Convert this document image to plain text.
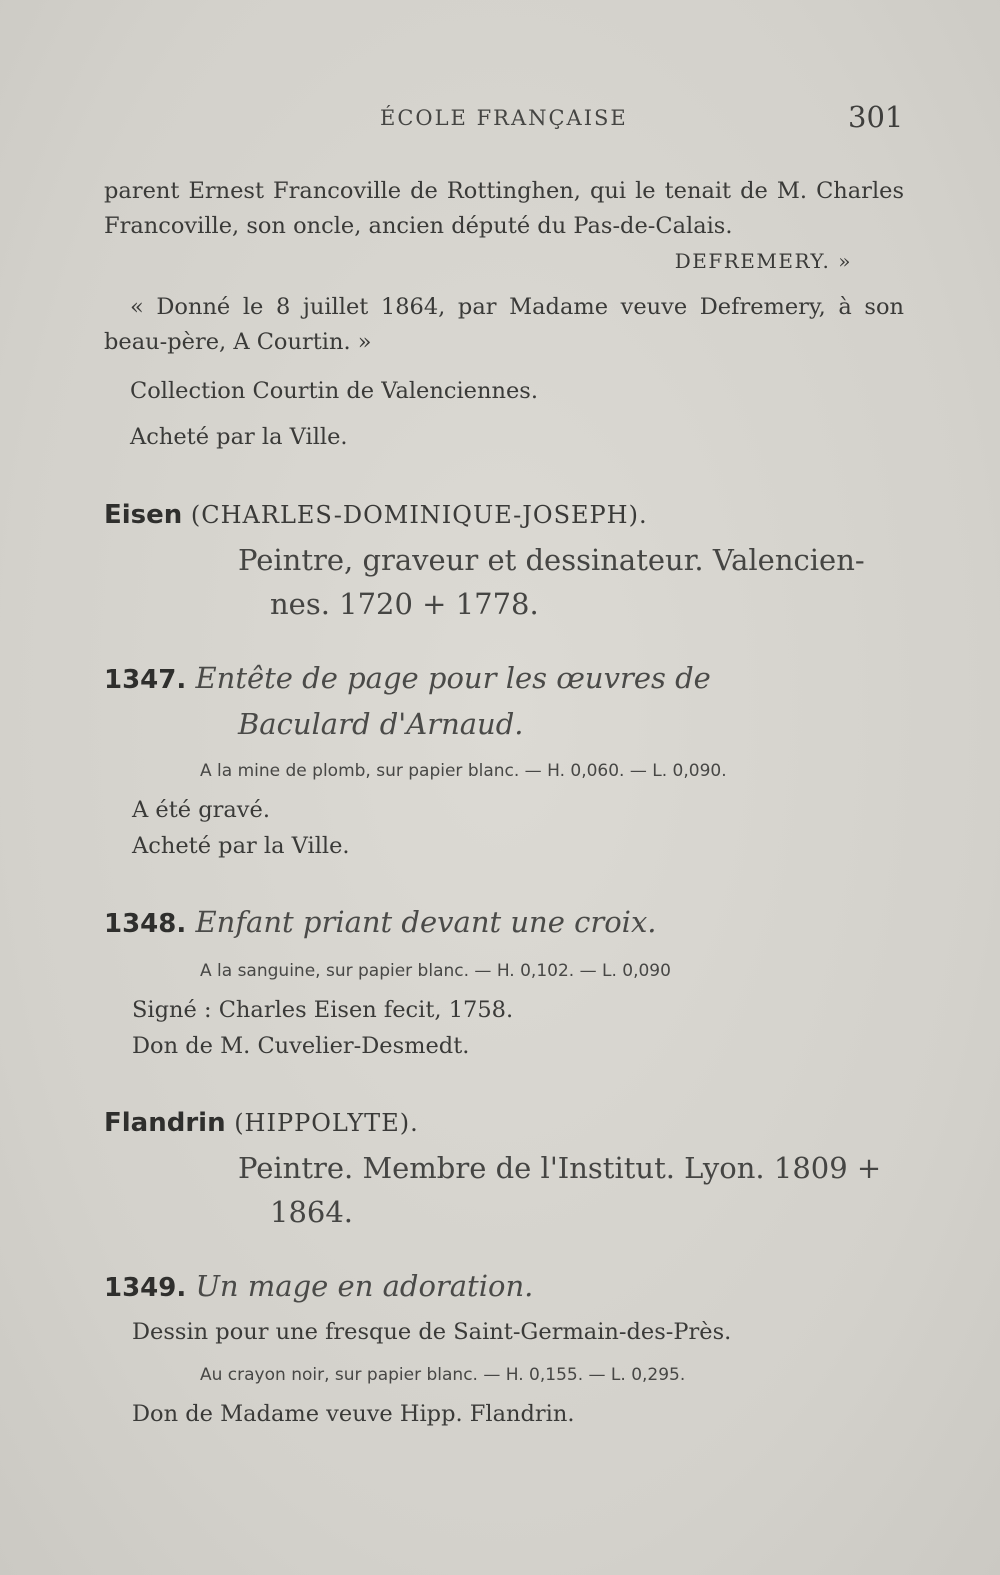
ÉCOLE FRANÇAISE	301

parent Ernest Francoville de Rottinghen, qui le tenait de M. Charles Francoville, son oncle, ancien député du Pas-de-Calais.

DEFREMERY. »

« Donné le 8 juillet 1864, par Madame veuve Defremery, à son beau-père, A Courtin. »

Collection Courtin de Valenciennes.

Acheté par la Ville.

Eisen (CHARLES-DOMINIQUE-JOSEPH).

Peintre, graveur et dessinateur. Valencien-
nes. 1720 + 1778.

1347. Entête de page pour les œuvres de
Baculard d'Arnaud.
A la mine de plomb, sur papier blanc. — H. 0,060. — L. 0,090.

A été gravé.

Acheté par la Ville.

1348. Enfant priant devant une croix.
A la sanguine, sur papier blanc. — H. 0,102. — L. 0,090

Signé : Charles Eisen fecit, 1758.

Don de M. Cuvelier-Desmedt.

Flandrin (HIPPOLYTE).

Peintre. Membre de l'Institut. Lyon. 1809 +
1864.

1349. Un mage en adoration.

Dessin pour une fresque de Saint-Germain-des-Près.

Au crayon noir, sur papier blanc. — H. 0,155. — L. 0,295.

Don de Madame veuve Hipp. Flandrin.
